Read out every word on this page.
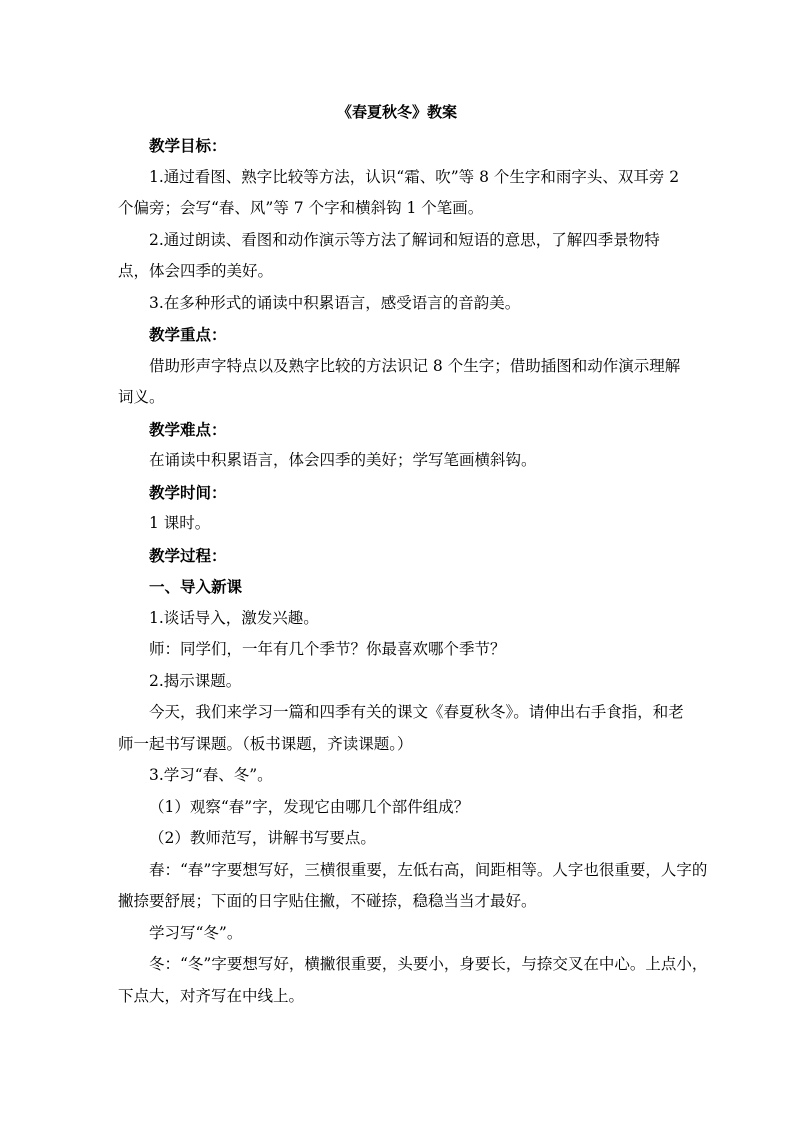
《春夏秋冬》教案

教学目标：

1.通过看图、熟字比较等方法，认识“霜、吹”等 8 个生字和雨字头、双耳旁 2 个偏旁；会写“春、风”等 7 个字和横斜钩 1 个笔画。

2.通过朗读、看图和动作演示等方法了解词和短语的意思，了解四季景物特点，体会四季的美好。

3.在多种形式的诵读中积累语言，感受语言的音韵美。

教学重点：

借助形声字特点以及熟字比较的方法识记 8 个生字；借助插图和动作演示理解词义。

教学难点：

在诵读中积累语言，体会四季的美好；学写笔画横斜钩。

教学时间：

1 课时。

教学过程：

一、导入新课

1.谈话导入，激发兴趣。

师：同学们，一年有几个季节？你最喜欢哪个季节？

2.揭示课题。

今天，我们来学习一篇和四季有关的课文《春夏秋冬》。请伸出右手食指，和老师一起书写课题。（板书课题，齐读课题。）

3.学习“春、冬”。

（1）观察“春”字，发现它由哪几个部件组成？

（2）教师范写，讲解书写要点。

春：“春”字要想写好，三横很重要，左低右高，间距相等。人字也很重要，人字的撇捺要舒展；下面的日字贴住撇，不碰捺，稳稳当当才最好。

学习写“冬”。

冬：“冬”字要想写好，横撇很重要，头要小，身要长，与捺交叉在中心。上点小，下点大，对齐写在中线上。
